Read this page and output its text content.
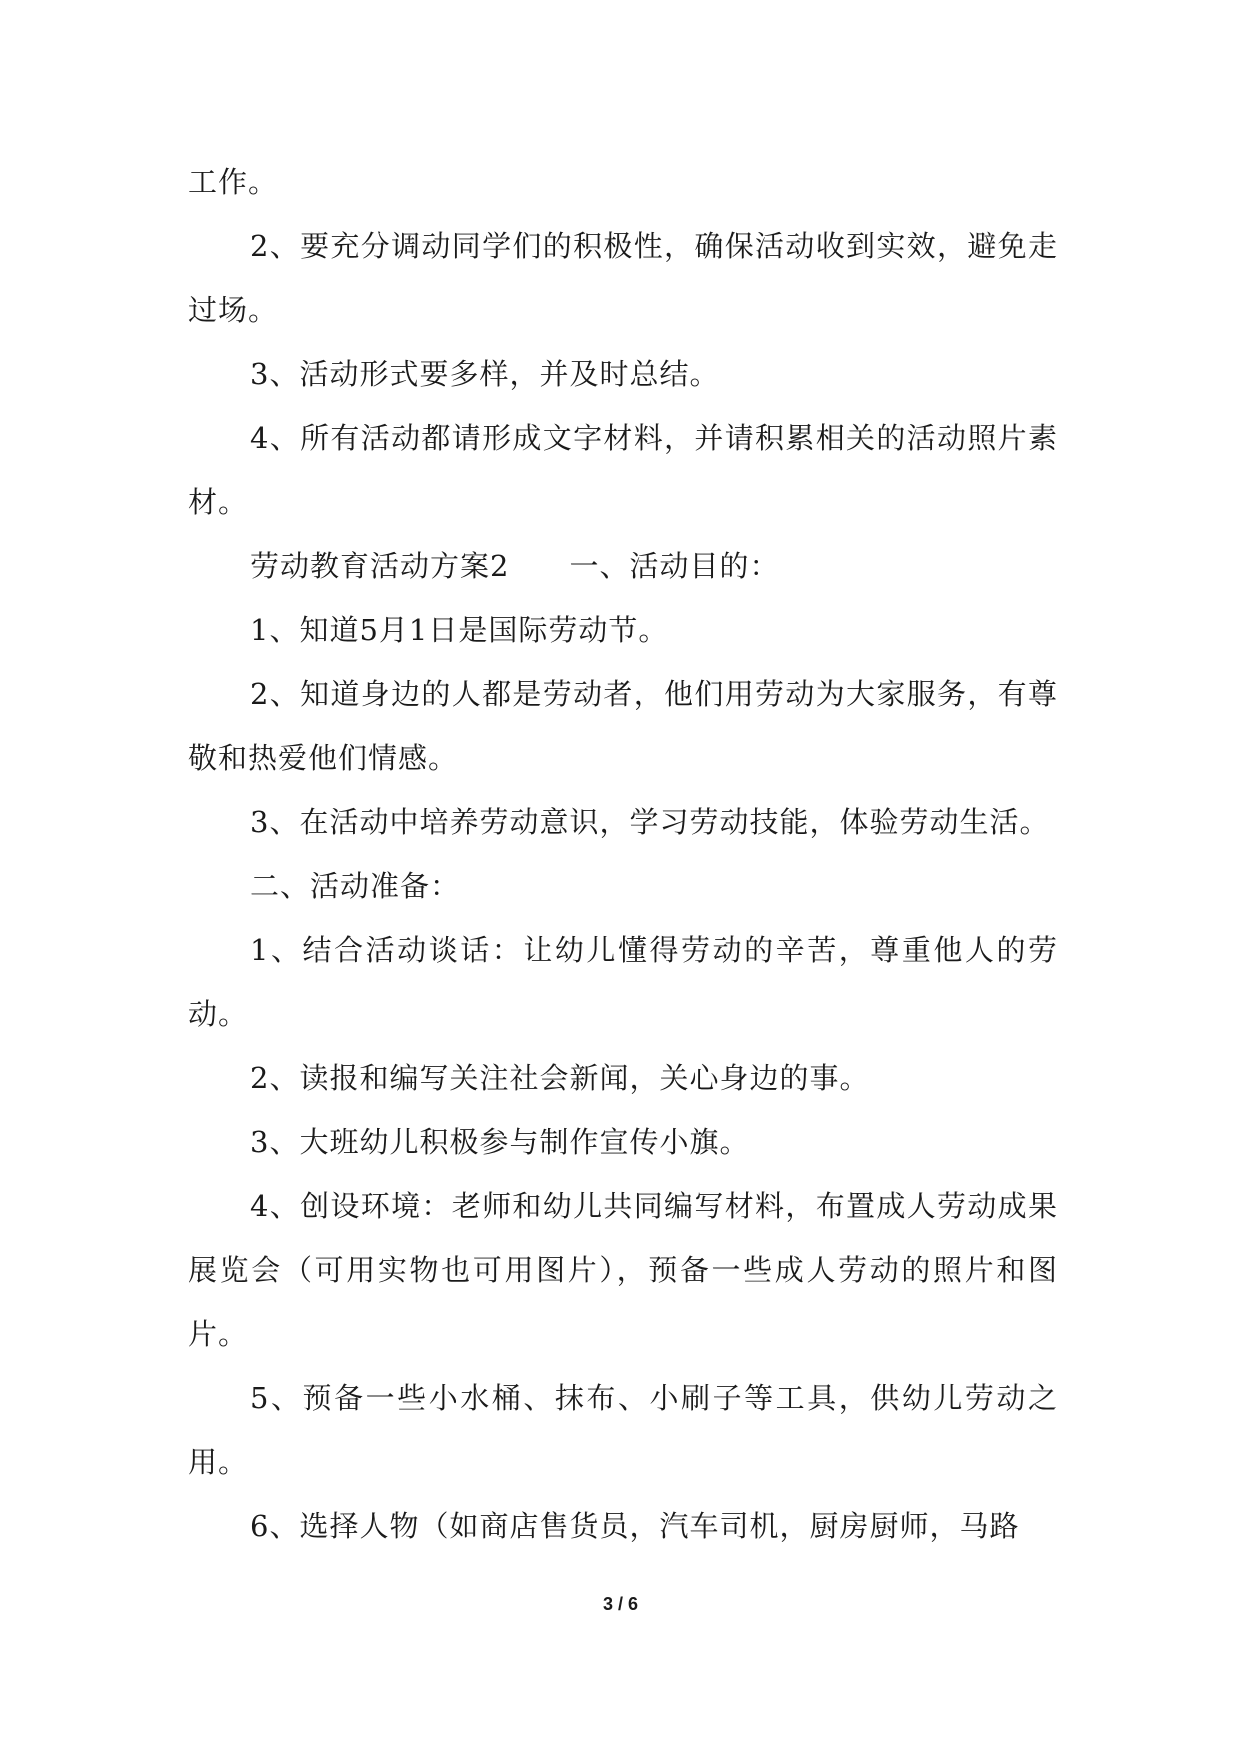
工作。

2、要充分调动同学们的积极性，确保活动收到实效，避免走过场。

3、活动形式要多样，并及时总结。

4、所有活动都请形成文字材料，并请积累相关的活动照片素材。

劳动教育活动方案2　　一、活动目的：

1、知道5月1日是国际劳动节。

2、知道身边的人都是劳动者，他们用劳动为大家服务，有尊敬和热爱他们情感。

3、在活动中培养劳动意识，学习劳动技能，体验劳动生活。

二、活动准备：

1、结合活动谈话：让幼儿懂得劳动的辛苦，尊重他人的劳动。

2、读报和编写关注社会新闻，关心身边的事。

3、大班幼儿积极参与制作宣传小旗。

4、创设环境：老师和幼儿共同编写材料，布置成人劳动成果展览会（可用实物也可用图片），预备一些成人劳动的照片和图片。

5、预备一些小水桶、抹布、小刷子等工具，供幼儿劳动之用。

6、选择人物（如商店售货员，汽车司机，厨房厨师，马路

3 / 6
